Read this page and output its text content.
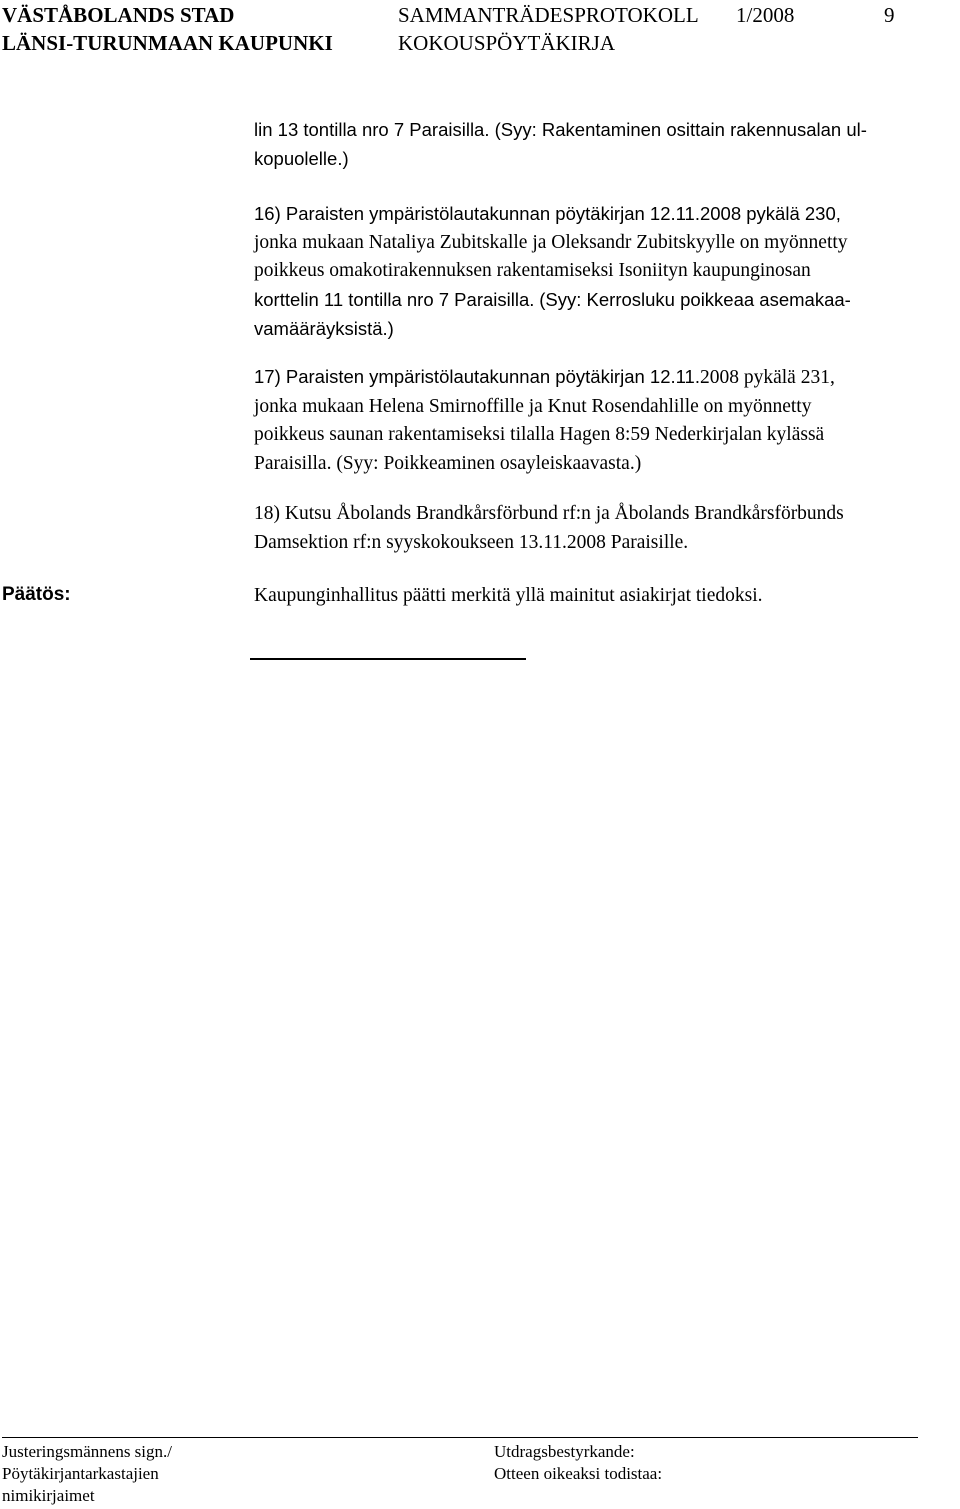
VÄSTÅBOLANDS STAD
LÄNSI-TURUNMAAN KAUPUNKI
SAMMANTRÄDESPROTOKOLL
KOKOUSPÖYTÄKIRJA
1/2008	9
lin 13 tontilla nro 7 Paraisilla. (Syy: Rakentaminen osittain rakennusalan ul-
kopuolelle.)
16) Paraisten ympäristölautakunnan pöytäkirjan 12.11.2008 pykälä 230,
jonka mukaan Nataliya Zubitskalle ja Oleksandr Zubitskyylle on myönnetty
poikkeus omakotirakennuksen rakentamiseksi Isoniityn kaupunginosan
korttelin 11 tontilla nro 7 Paraisilla. (Syy: Kerrosluku poikkeaa asemakaa-
vamääräyksistä.)
17) Paraisten ympäristölautakunnan pöytäkirjan 12.11.2008 pykälä 231,
jonka mukaan Helena Smirnoffille ja Knut Rosendahlille on myönnetty
poikkeus saunan rakentamiseksi tilalla Hagen 8:59 Nederkirjalan kylässä
Paraisilla. (Syy: Poikkeaminen osayleiskaavasta.)
18) Kutsu Åbolands Brandkårsförbund rf:n ja Åbolands Brandkårsförbunds
Damsektion rf:n syyskokoukseen 13.11.2008 Paraisille.
Päätös:	Kaupunginhallitus päätti merkitä yllä mainitut asiakirjat tiedoksi.
Justeringsmännens sign./
Pöytäkirjantarkastajien
nimikirjaimet
Utdragsbestyrkande:
Otteen oikeaksi todistaa:
